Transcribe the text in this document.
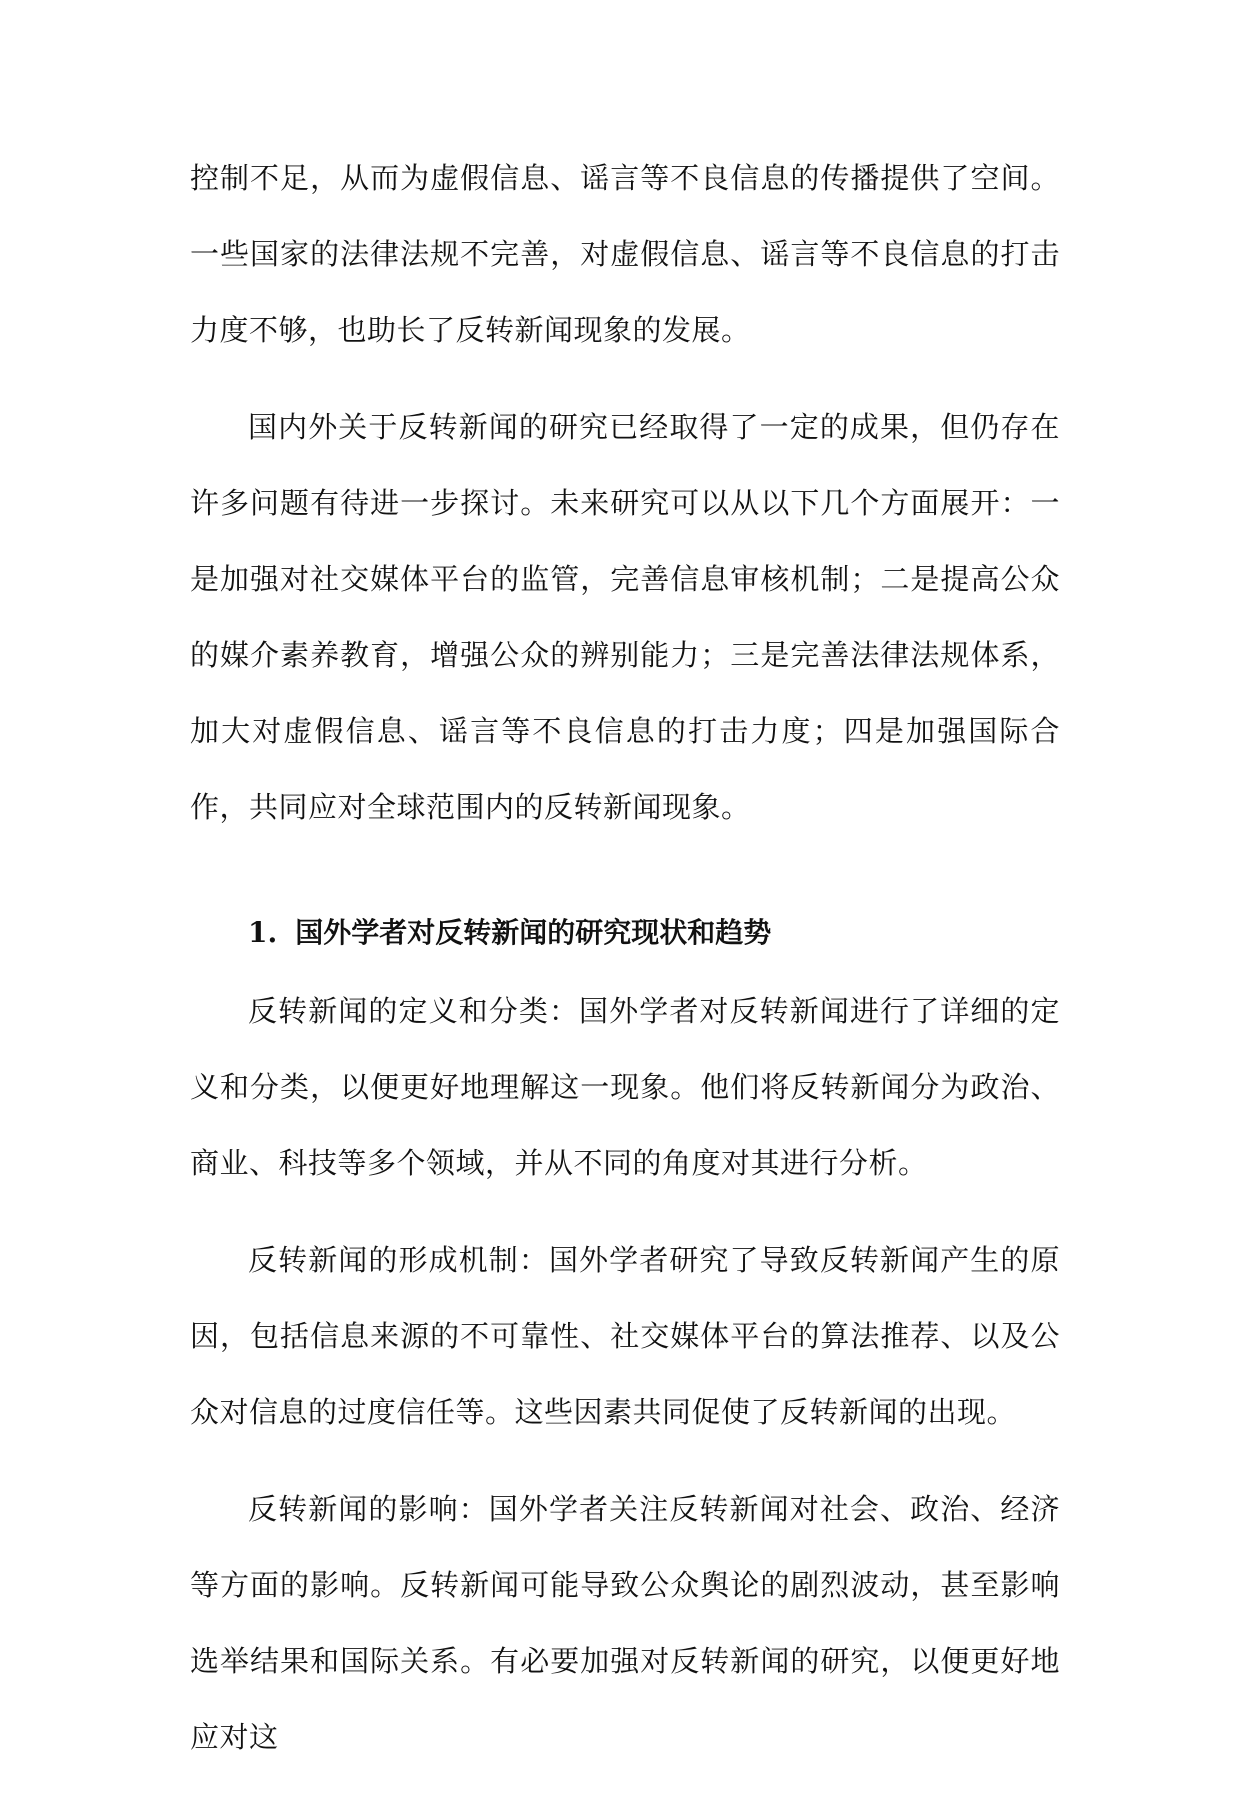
控制不足，从而为虚假信息、谣言等不良信息的传播提供了空间。一些国家的法律法规不完善，对虚假信息、谣言等不良信息的打击力度不够，也助长了反转新闻现象的发展。

国内外关于反转新闻的研究已经取得了一定的成果，但仍存在许多问题有待进一步探讨。未来研究可以从以下几个方面展开：一是加强对社交媒体平台的监管，完善信息审核机制；二是提高公众的媒介素养教育，增强公众的辨别能力；三是完善法律法规体系，加大对虚假信息、谣言等不良信息的打击力度；四是加强国际合作，共同应对全球范围内的反转新闻现象。

1. 国外学者对反转新闻的研究现状和趋势

反转新闻的定义和分类：国外学者对反转新闻进行了详细的定义和分类，以便更好地理解这一现象。他们将反转新闻分为政治、商业、科技等多个领域，并从不同的角度对其进行分析。

反转新闻的形成机制：国外学者研究了导致反转新闻产生的原因，包括信息来源的不可靠性、社交媒体平台的算法推荐、以及公众对信息的过度信任等。这些因素共同促使了反转新闻的出现。

反转新闻的影响：国外学者关注反转新闻对社会、政治、经济等方面的影响。反转新闻可能导致公众舆论的剧烈波动，甚至影响选举结果和国际关系。有必要加强对反转新闻的研究，以便更好地应对这
